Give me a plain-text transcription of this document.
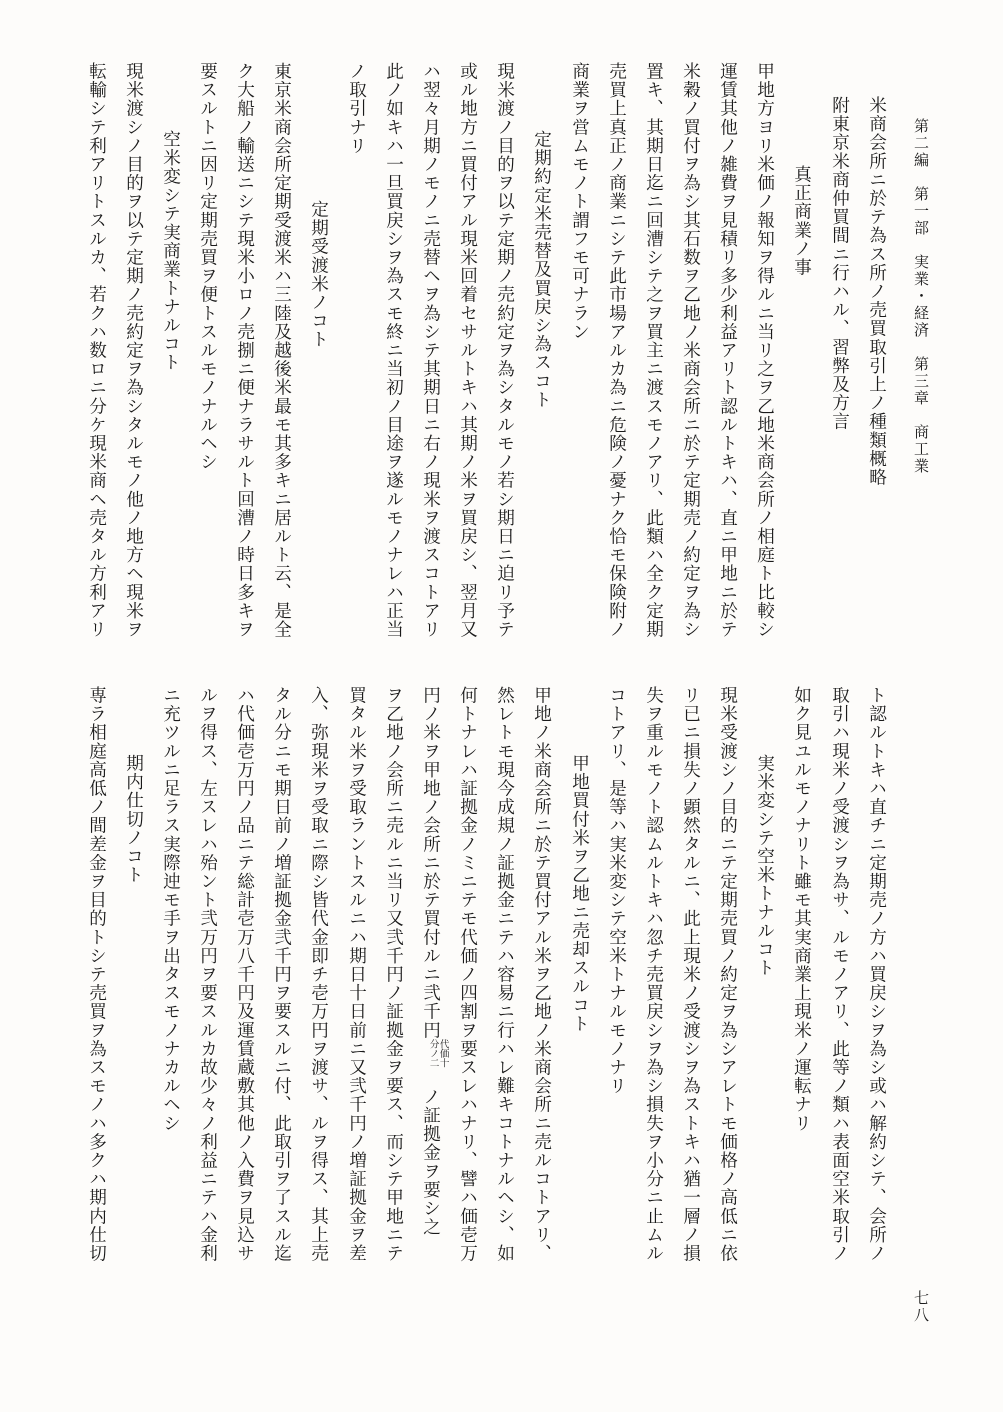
第二編　第一部　実業・経済　第三章　商工業
七八
米商会所ニ於テ為ス所ノ売買取引上ノ種類概略
附東京米商仲買間ニ行ハル、習弊及方言
真正商業ノ事
甲地方ヨリ米価ノ報知ヲ得ルニ当リ之ヲ乙地米商会所ノ相庭ト比較シ
運賃其他ノ雑費ヲ見積リ多少利益アリト認ルトキハ、直ニ甲地ニ於テ
米穀ノ買付ヲ為シ其石数ヲ乙地ノ米商会所ニ於テ定期売ノ約定ヲ為シ
置キ、其期日迄ニ回漕シテ之ヲ買主ニ渡スモノアリ、此類ハ全ク定期
売買上真正ノ商業ニシテ此市場アルカ為ニ危険ノ憂ナク恰モ保険附ノ
商業ヲ営ムモノト謂フモ可ナラン
定期約定米売替及買戻シ為スコト
現米渡ノ目的ヲ以テ定期ノ売約定ヲ為シタルモノ若シ期日ニ迫リ予テ
或ル地方ニ買付アル現米回着セサルトキハ其期ノ米ヲ買戻シ、翌月又
ハ翌々月期ノモノニ売替ヘヲ為シテ其期日ニ右ノ現米ヲ渡スコトアリ
此ノ如キハ一旦買戻シヲ為スモ終ニ当初ノ目途ヲ遂ルモノナレハ正当
ノ取引ナリ
定期受渡米ノコト
東京米商会所定期受渡米ハ三陸及越後米最モ其多キニ居ルト云、是全
ク大船ノ輸送ニシテ現米小ロノ売捌ニ便ナラサルト回漕ノ時日多キヲ
要スルトニ因リ定期売買ヲ便トスルモノナルヘシ
空米変シテ実商業トナルコト
現米渡シノ目的ヲ以テ定期ノ売約定ヲ為シタルモノ他ノ地方ヘ現米ヲ
転輸シテ利アリトスルカ、若クハ数ロニ分ケ現米商ヘ売タル方利アリ
ト認ルトキハ直チニ定期売ノ方ハ買戻シヲ為シ或ハ解約シテ、会所ノ
取引ハ現米ノ受渡シヲ為サ、ルモノアリ、此等ノ類ハ表面空米取引ノ
如ク見ユルモノナリト雖モ其実商業上現米ノ運転ナリ
実米変シテ空米トナルコト
現米受渡シノ目的ニテ定期売買ノ約定ヲ為シアレトモ価格ノ高低ニ依
リ已ニ損失ノ顕然タルニ、此上現米ノ受渡シヲ為ストキハ猶一層ノ損
失ヲ重ルモノト認ムルトキハ忽チ売買戻シヲ為シ損失ヲ小分ニ止ムル
コトアリ、是等ハ実米変シテ空米トナルモノナリ
甲地買付米ヲ乙地ニ売却スルコト
甲地ノ米商会所ニ於テ買付アル米ヲ乙地ノ米商会所ニ売ルコトアリ、
然レトモ現今成規ノ証拠金ニテハ容易ニ行ハレ難キコトナルヘシ、如
何トナレハ証拠金ノミニテモ代価ノ四割ヲ要スレハナリ、譬ハ価壱万
円ノ米ヲ甲地ノ会所ニ於テ買付ルニ弐千円
代価十
分ノ二
ノ証拠金ヲ要シ之
ヲ乙地ノ会所ニ売ルニ当リ又弐千円ノ証拠金ヲ要ス、而シテ甲地ニテ
買タル米ヲ受取ラントスルニハ期日十日前ニ又弐千円ノ増証拠金ヲ差
入、弥現米ヲ受取ニ際シ皆代金即チ壱万円ヲ渡サ、ルヲ得ス、其上売
タル分ニモ期日前ノ増証拠金弐千円ヲ要スルニ付、此取引ヲ了スル迄
ハ代価壱万円ノ品ニテ総計壱万八千円及運賃蔵敷其他ノ入費ヲ見込サ
ルヲ得ス、左スレハ殆ント弐万円ヲ要スルカ故少々ノ利益ニテハ金利
ニ充ツルニ足ラス実際迚モ手ヲ出タスモノナカルヘシ
期内仕切ノコト
専ラ相庭高低ノ間差金ヲ目的トシテ売買ヲ為スモノハ多クハ期内仕切
